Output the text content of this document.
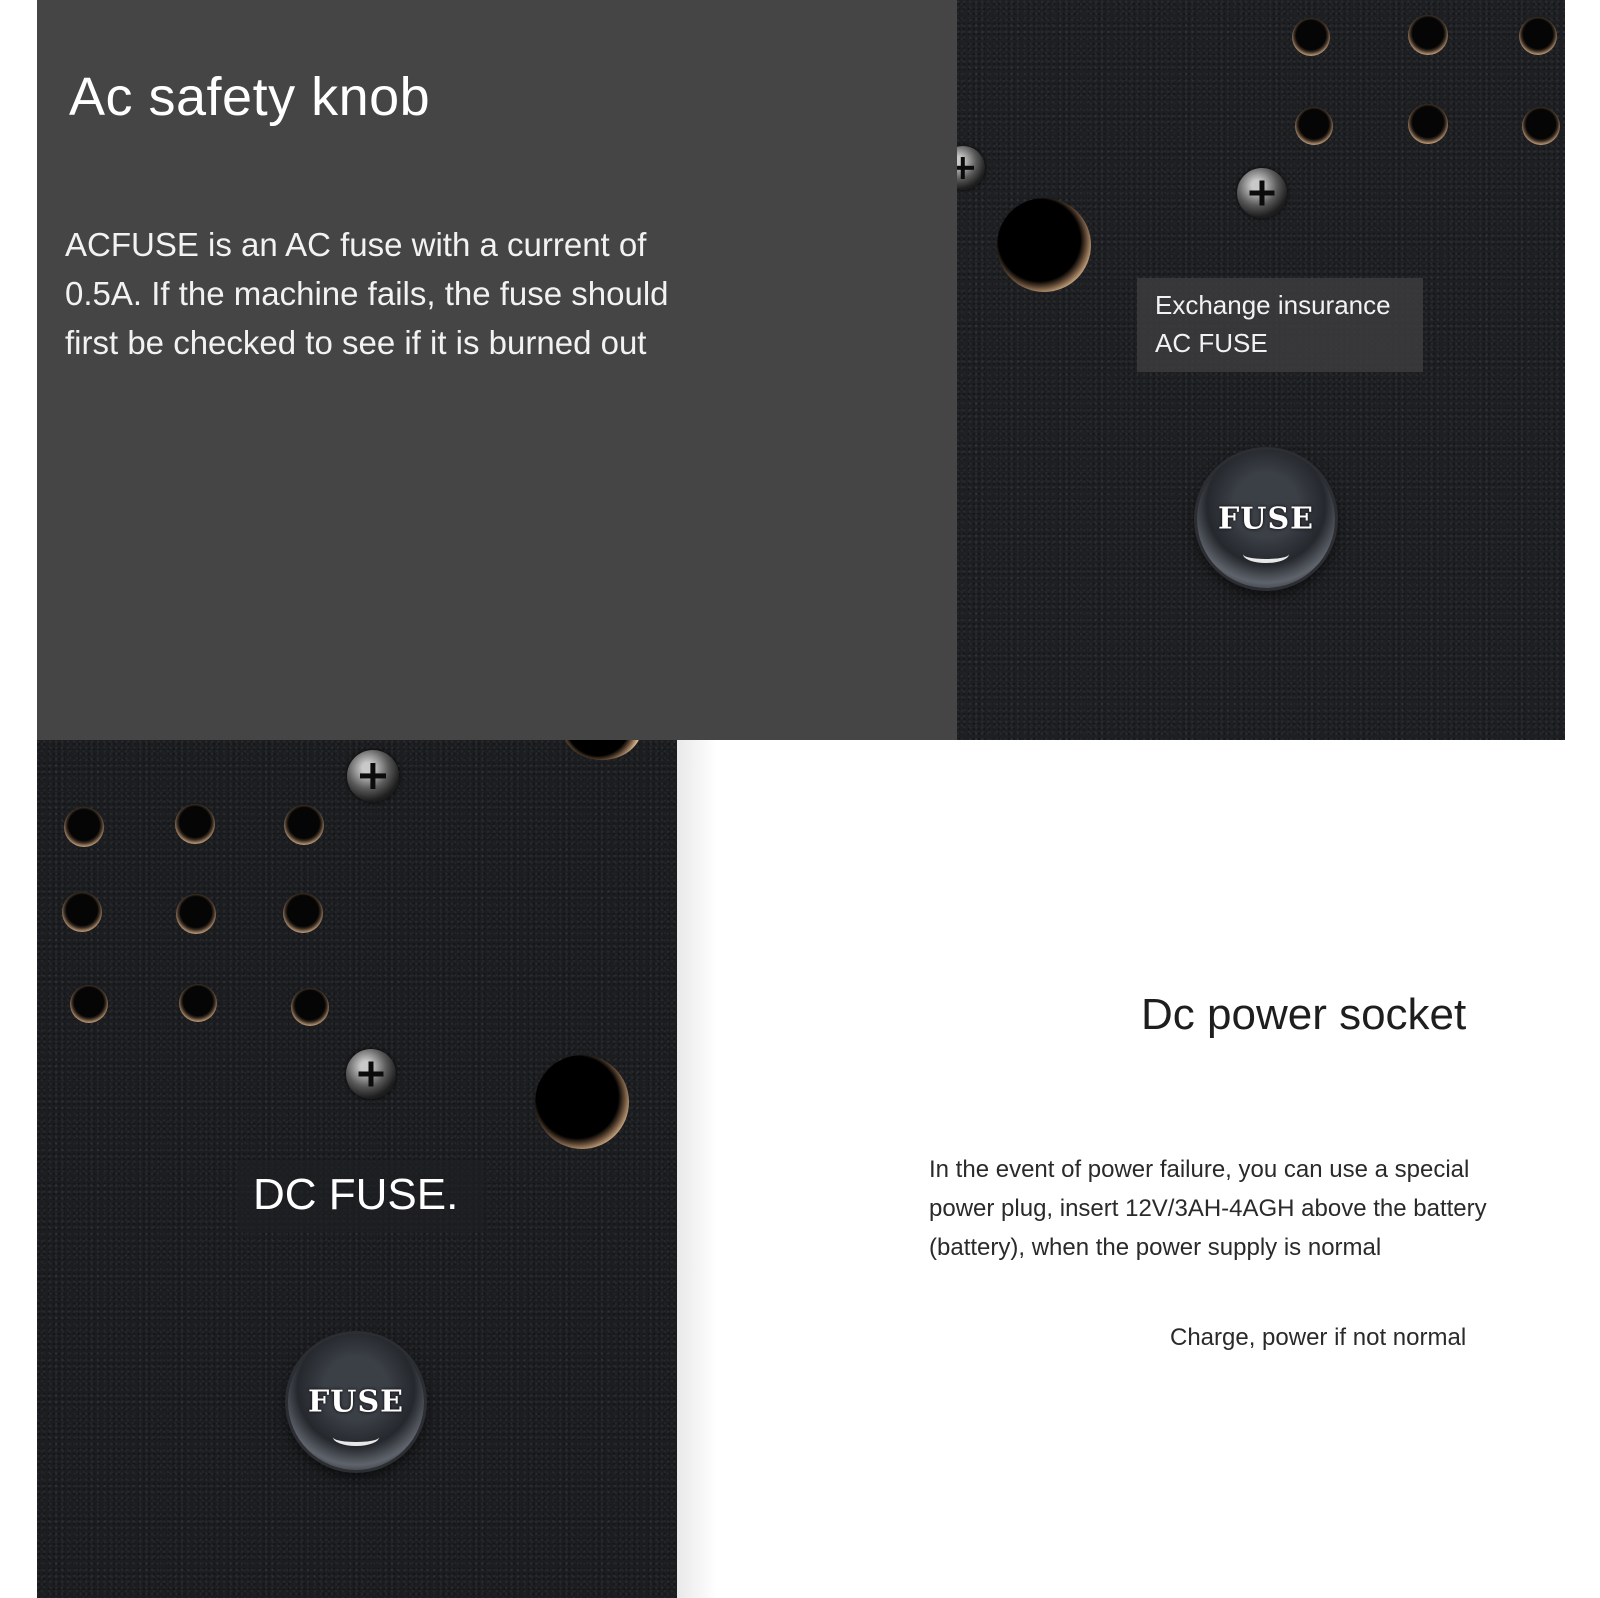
Ac safety knob

ACFUSE is an AC fuse with a current of 0.5A. If the machine fails, the fuse should first be checked to see if it is burned out

Exchange insurance AC FUSE
FUSE
DC FUSE.
FUSE
Dc power socket

In the event of power failure, you can use a special power plug, insert 12V/3AH-4AGH above the battery (battery), when the power supply is normal

Charge, power if not normal
